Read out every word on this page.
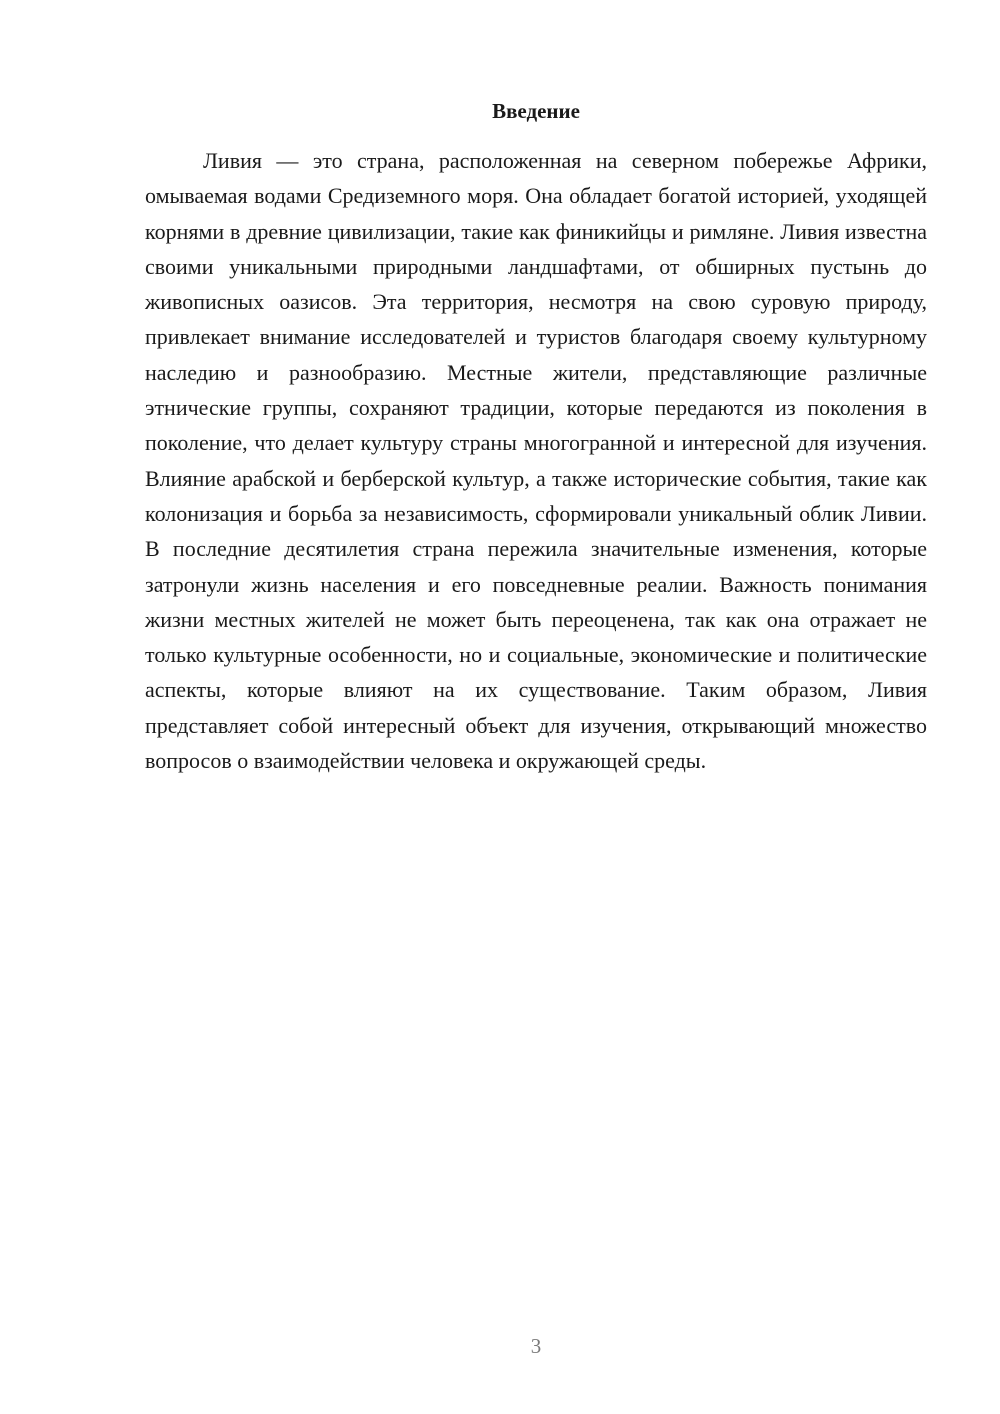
Введение

Ливия — это страна, расположенная на северном побережье Африки, омываемая водами Средиземного моря. Она обладает богатой историей, уходящей корнями в древние цивилизации, такие как финикийцы и римляне. Ливия известна своими уникальными природными ландшафтами, от обширных пустынь до живописных оазисов. Эта территория, несмотря на свою суровую природу, привлекает внимание исследователей и туристов благодаря своему культурному наследию и разнообразию. Местные жители, представляющие различные этнические группы, сохраняют традиции, которые передаются из поколения в поколение, что делает культуру страны многогранной и интересной для изучения. Влияние арабской и берберской культур, а также исторические события, такие как колонизация и борьба за независимость, сформировали уникальный облик Ливии. В последние десятилетия страна пережила значительные изменения, которые затронули жизнь населения и его повседневные реалии. Важность понимания жизни местных жителей не может быть переоценена, так как она отражает не только культурные особенности, но и социальные, экономические и политические аспекты, которые влияют на их существование. Таким образом, Ливия представляет собой интересный объект для изучения, открывающий множество вопросов о взаимодействии человека и окружающей среды.

3
